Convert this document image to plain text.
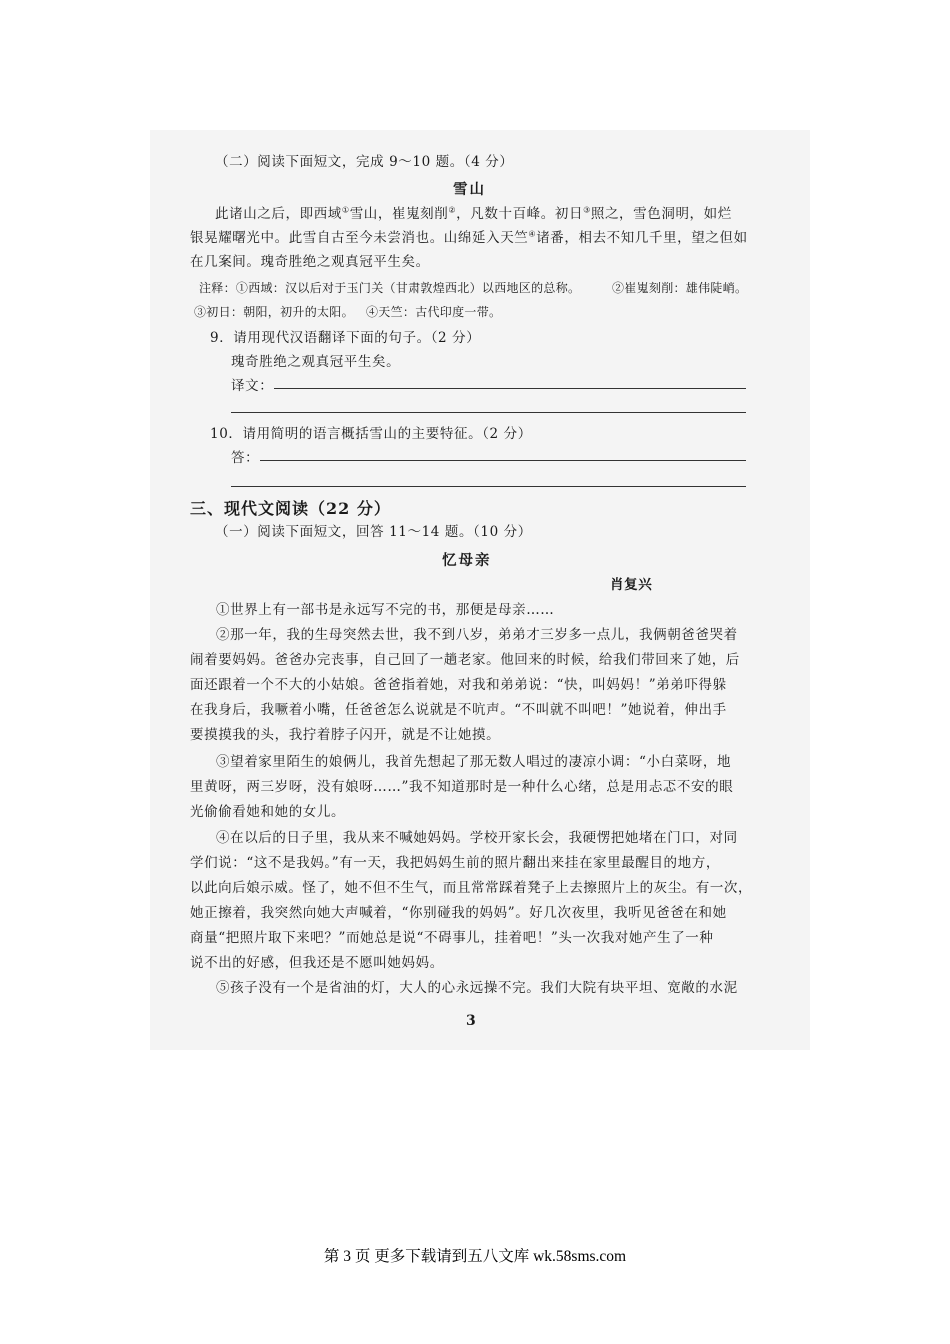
（二）阅读下面短文，完成 9～10 题。（4 分）
雪山
此诸山之后，即西域①雪山，崔嵬刻削②，凡数十百峰。初日③照之，雪色洞明，如烂
银晃耀曙光中。此雪自古至今未尝消也。山绵延入天竺④诸番，相去不知几千里，望之但如
在几案间。瑰奇胜绝之观真冠平生矣。
注释：①西域：汉以后对于玉门关（甘肃敦煌西北）以西地区的总称。	②崔嵬刻削：雄伟陡峭。
③初日：朝阳，初升的太阳。 ④天竺：古代印度一带。
9．请用现代汉语翻译下面的句子。（2 分）
瑰奇胜绝之观真冠平生矣。
译文：
10．请用简明的语言概括雪山的主要特征。（2 分）
答：
三、现代文阅读（22 分）
（一）阅读下面短文，回答 11～14 题。（10 分）
忆母亲
肖复兴
①世界上有一部书是永远写不完的书，那便是母亲……
②那一年，我的生母突然去世，我不到八岁，弟弟才三岁多一点儿，我俩朝爸爸哭着
闹着要妈妈。爸爸办完丧事，自己回了一趟老家。他回来的时候，给我们带回来了她，后
面还跟着一个不大的小姑娘。爸爸指着她，对我和弟弟说：“快，叫妈妈！”弟弟吓得躲
在我身后，我噘着小嘴，任爸爸怎么说就是不吭声。“不叫就不叫吧！”她说着，伸出手
要摸摸我的头，我拧着脖子闪开，就是不让她摸。
③望着家里陌生的娘俩儿，我首先想起了那无数人唱过的凄凉小调：“小白菜呀，地
里黄呀，两三岁呀，没有娘呀……”我不知道那时是一种什么心绪，总是用忐忑不安的眼
光偷偷看她和她的女儿。
④在以后的日子里，我从来不喊她妈妈。学校开家长会，我硬愣把她堵在门口，对同
学们说：“这不是我妈。”有一天，我把妈妈生前的照片翻出来挂在家里最醒目的地方，
以此向后娘示威。怪了，她不但不生气，而且常常踩着凳子上去擦照片上的灰尘。有一次，
她正擦着，我突然向她大声喊着，“你别碰我的妈妈”。好几次夜里，我听见爸爸在和她
商量“把照片取下来吧？”而她总是说“不碍事儿，挂着吧！”头一次我对她产生了一种
说不出的好感，但我还是不愿叫她妈妈。
⑤孩子没有一个是省油的灯，大人的心永远操不完。我们大院有块平坦、宽敞的水泥
3
第 3 页 更多下载请到五八文库 wk.58sms.com
